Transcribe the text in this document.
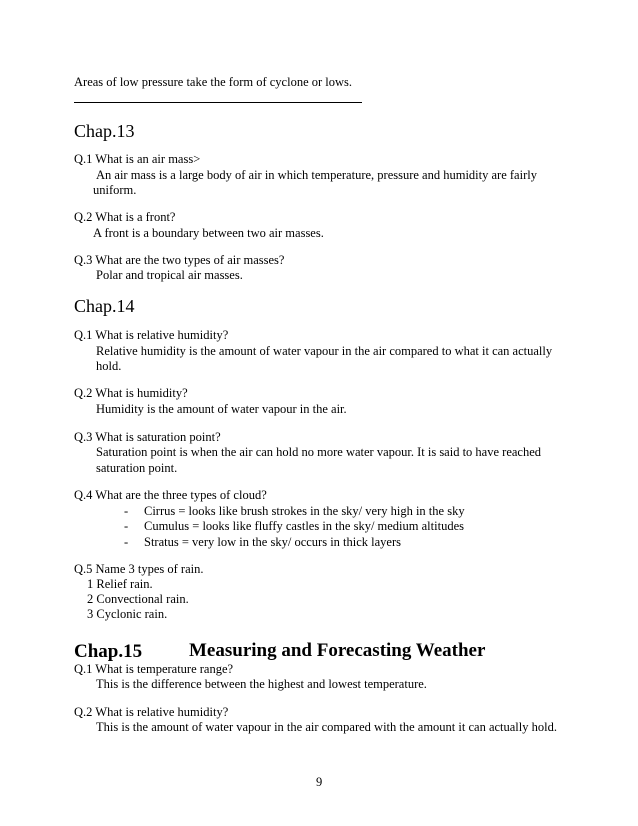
Areas of low pressure take the form of cyclone or lows.
Chap.13
Q.1 What is an air mass>
An air mass is a large body of air in which temperature, pressure and humidity are fairly
uniform.
Q.2 What is a front?
A front is a boundary between two air masses.
Q.3 What are the two types of air masses?
Polar and tropical air masses.
Chap.14
Q.1 What is relative humidity?
Relative humidity is the amount of water vapour in the air compared to what it can actually
hold.
Q.2 What is humidity?
Humidity is the amount of water vapour in the air.
Q.3 What is saturation point?
Saturation point is when the air can hold no more water vapour. It is said to have reached
saturation point.
Q.4 What are the three types of cloud?
- Cirrus = looks like brush strokes in the sky/ very high in the sky
- Cumulus = looks like fluffy castles in the sky/ medium altitudes
- Stratus = very low in the sky/ occurs in thick layers
Q.5 Name 3 types of rain.
1 Relief rain.
2 Convectional rain.
3 Cyclonic rain.
Chap.15 Measuring and Forecasting Weather
Q.1 What is temperature range?
This is the difference between the highest and lowest temperature.
Q.2 What is relative humidity?
This is the amount of water vapour in the air compared with the amount it can actually hold.
9
